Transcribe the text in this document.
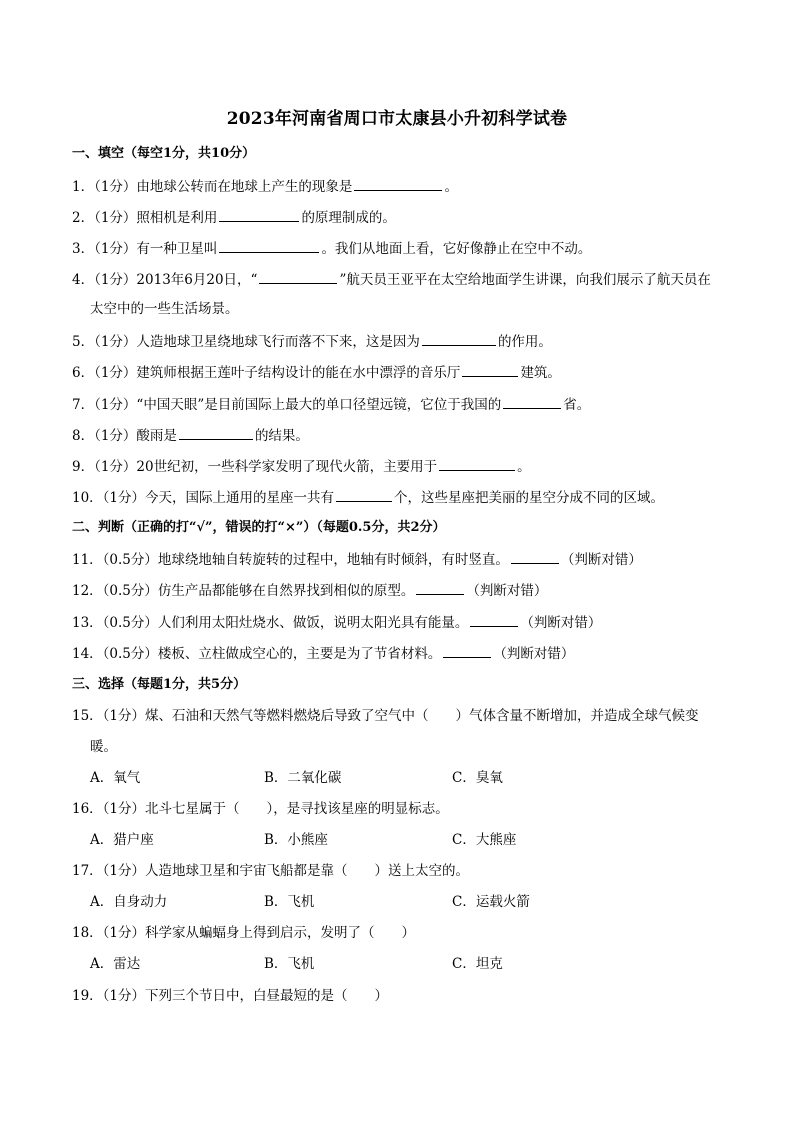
2023年河南省周口市太康县小升初科学试卷
一、填空（每空1分，共10分）
1．（1分）由地球公转而在地球上产生的现象是	。
2．（1分）照相机是利用	的原理制成的。
3．（1分）有一种卫星叫	。我们从地面上看，它好像静止在空中不动。
4．（1分）2013年6月20日，“	”航天员王亚平在太空给地面学生讲课，向我们展示了航天员在
太空中的一些生活场景。
5．（1分）人造地球卫星绕地球飞行而落不下来，这是因为	的作用。
6．（1分）建筑师根据王莲叶子结构设计的能在水中漂浮的音乐厅	建筑。
7．（1分）“中国天眼”是目前国际上最大的单口径望远镜，它位于我国的	省。
8．（1分）酸雨是	的结果。
9．（1分）20世纪初，一些科学家发明了现代火箭，主要用于	。
10．（1分）今天，国际上通用的星座一共有	个，这些星座把美丽的星空分成不同的区域。
二、判断（正确的打“√”，错误的打“×”）（每题0.5分，共2分）
11．（0.5分）地球绕地轴自转旋转的过程中，地轴有时倾斜，有时竖直。	（判断对错）
12．（0.5分）仿生产品都能够在自然界找到相似的原型。	（判断对错）
13．（0.5分）人们利用太阳灶烧水、做饭，说明太阳光具有能量。	（判断对错）
14．（0.5分）楼板、立柱做成空心的，主要是为了节省材料。	（判断对错）
三、选择（每题1分，共5分）
15．（1分）煤、石油和天然气等燃料燃烧后导致了空气中（　　）气体含量不断增加，并造成全球气候变
暖。
A．氧气	B．二氧化碳	C．臭氧
16．（1分）北斗七星属于（　　），是寻找该星座的明显标志。
A．猎户座	B．小熊座	C．大熊座
17．（1分）人造地球卫星和宇宙飞船都是靠（　　）送上太空的。
A．自身动力	B．飞机	C．运载火箭
18．（1分）科学家从蝙蝠身上得到启示，发明了（　　）
A．雷达	B．飞机	C．坦克
19．（1分）下列三个节日中，白昼最短的是（　　）
